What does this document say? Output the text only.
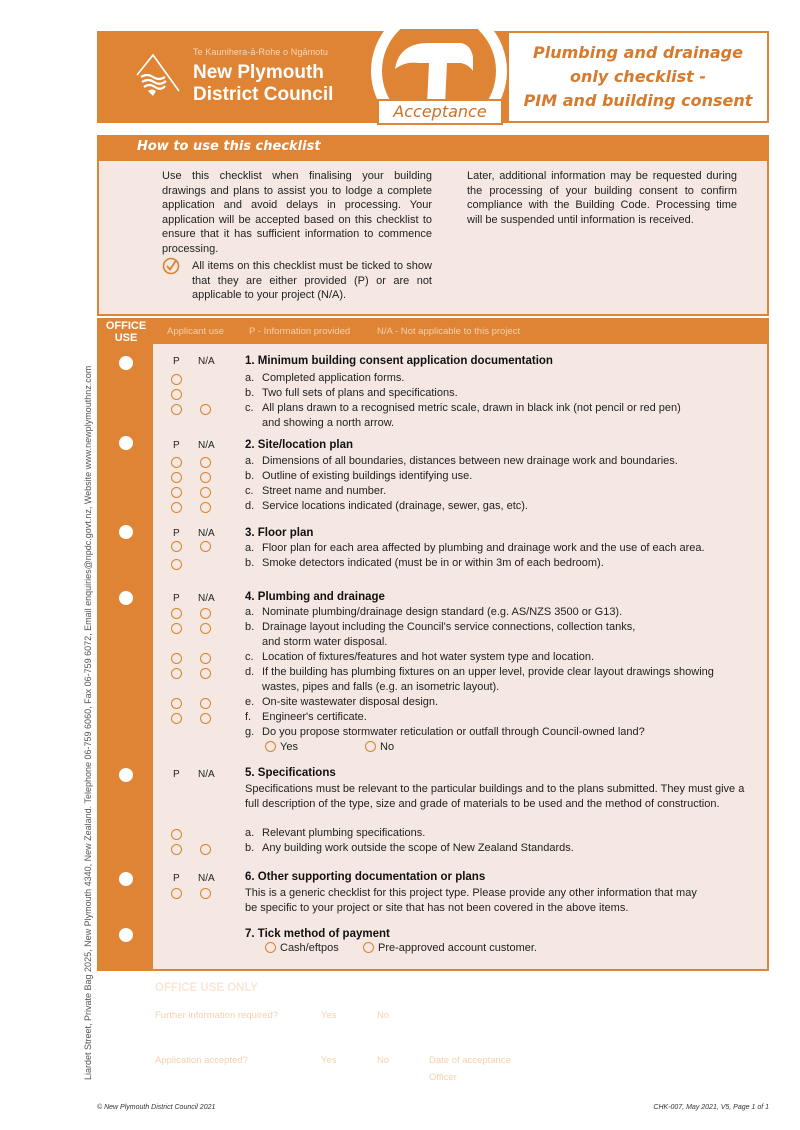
Te Kaunihera-ā-Rohe o Ngāmotu
New Plymouth
District Council
Acceptance
Plumbing and drainage
only checklist -
PIM and building consent
Use this checklist when finalising your building drawings and plans to assist you to lodge a complete application and avoid delays in processing. Your application will be accepted based on this checklist to ensure that it has sufficient information to commence processing.
All items on this checklist must be ticked to show that they are either provided (P) or are not applicable to your project (N/A).
Later, additional information may be requested during the processing of your building consent to confirm compliance with the Building Code. Processing time will be suspended until information is received.
How to use this checklist
OFFICE
USE
Applicant use	P - Information provided	N/A - Not applicable to this project
P N/A	1. Minimum building consent application documentation
a. Completed application forms.
b. Two full sets of plans and specifications.
c. All plans drawn to a recognised metric scale, drawn in black ink (not pencil or red pen)
and showing a north arrow.
P N/A	2. Site/location plan
a. Dimensions of all boundaries, distances between new drainage work and boundaries.
b. Outline of existing buildings identifying use.
c. Street name and number.
d. Service locations indicated (drainage, sewer, gas, etc).
P N/A	3. Floor plan
a. Floor plan for each area affected by plumbing and drainage work and the use of each area.
b. Smoke detectors indicated (must be in or within 3m of each bedroom).
P N/A	4. Plumbing and drainage
a. Nominate plumbing/drainage design standard (e.g. AS/NZS 3500 or G13).
b. Drainage layout including the Council's service connections, collection tanks,
and storm water disposal.
c. Location of fixtures/features and hot water system type and location.
d. If the building has plumbing fixtures on an upper level, provide clear layout drawings showing
wastes, pipes and falls (e.g. an isometric layout).
e. On-site wastewater disposal design.
f. Engineer's certificate.
g. Do you propose stormwater reticulation or outfall through Council-owned land?
Yes	No
P N/A	5. Specifications
Specifications must be relevant to the particular buildings and to the plans submitted. They must give a full description of the type, size and grade of materials to be used and the method of construction.
a. Relevant plumbing specifications.
b. Any building work outside the scope of New Zealand Standards.
P N/A	6. Other supporting documentation or plans
This is a generic checklist for this project type. Please provide any other information that may be specific to your project or site that has not been covered in the above items.
7. Tick method of payment
Cash/eftpos	Pre-approved account customer.
OFFICE USE ONLY
Further information required?	Yes	No
Application accepted?	Yes	No	Date of acceptance
Officer
Liardet Street, Private Bag 2025, New Plymouth 4340, New Zealand. Telephone 06-759 6060, Fax 06-759 6072, Email enquiries@npdc.govt.nz, Website www.newplymouthnz.com
© New Plymouth District Council 2021	CHK-007, May 2021, V5, Page 1 of 1
